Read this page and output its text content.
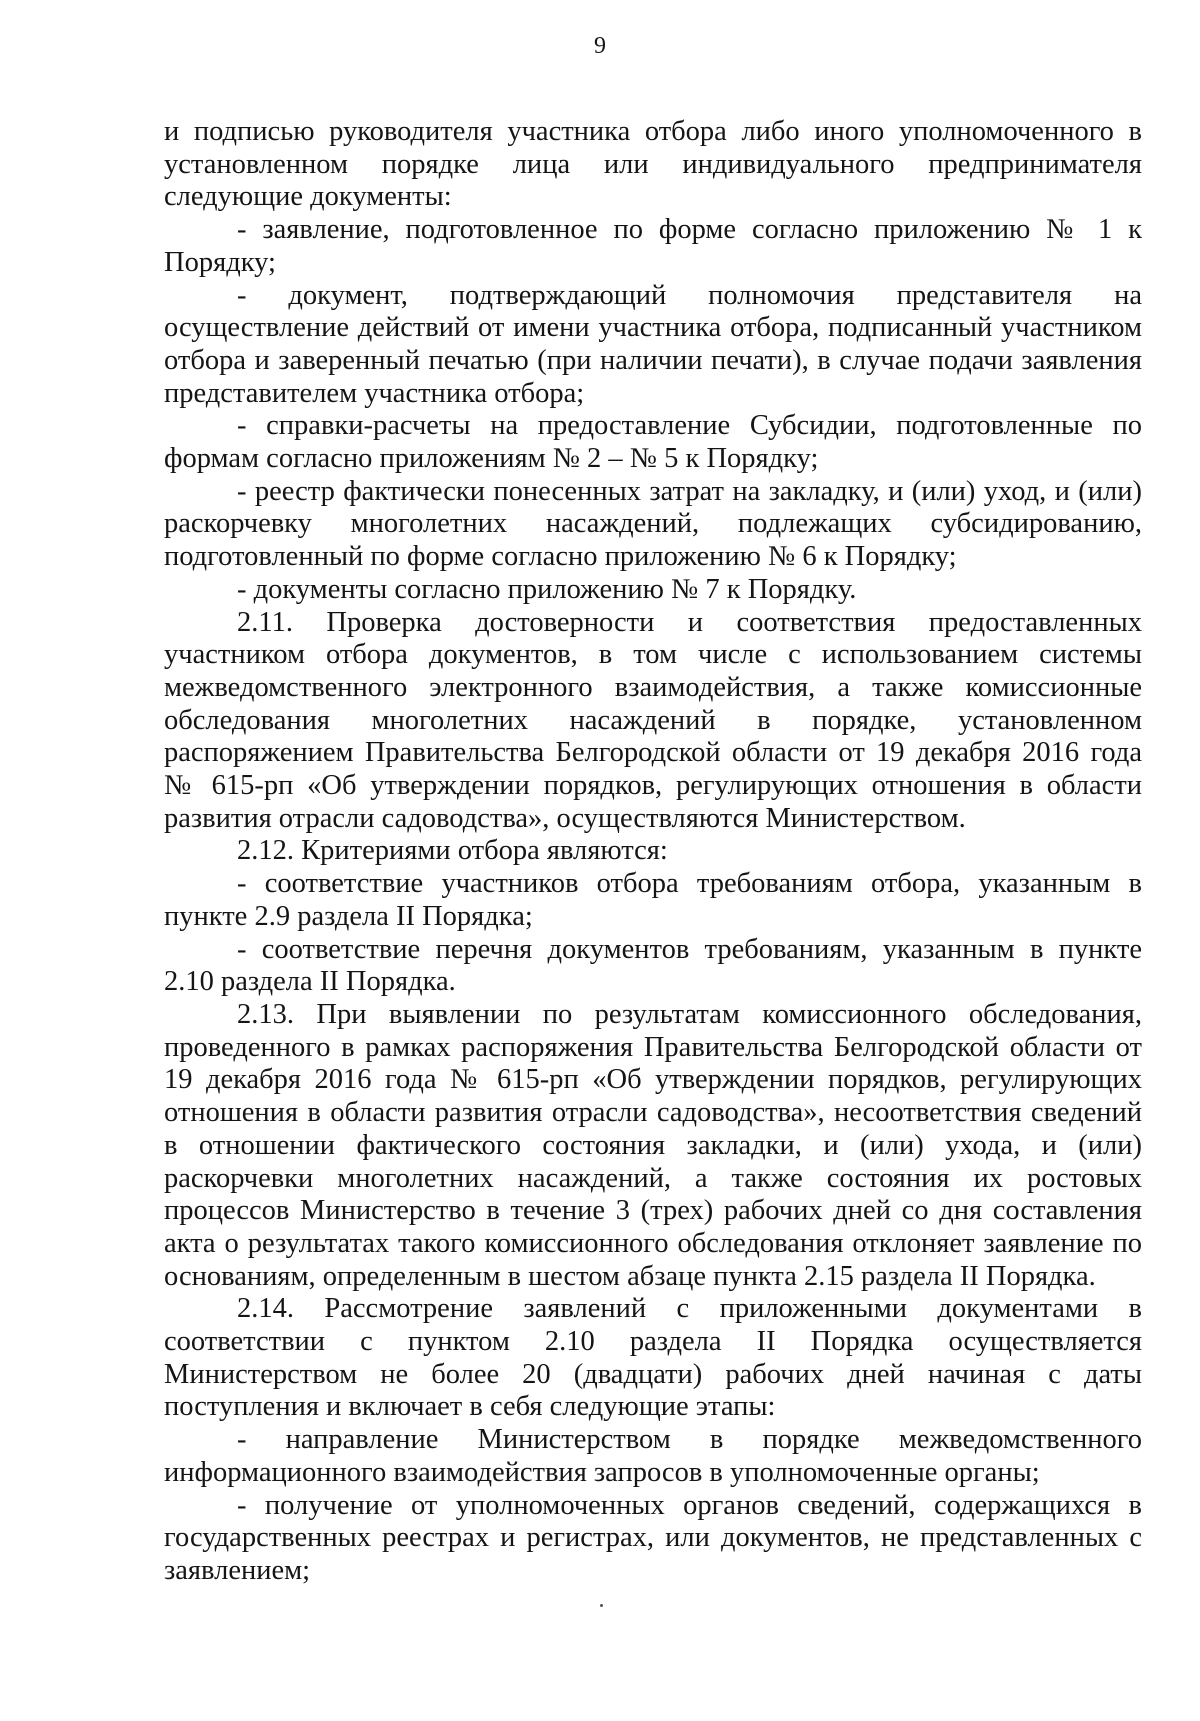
9

и подписью руководителя участника отбора либо иного уполномоченного в установленном порядке лица или индивидуального предпринимателя следующие документы:

- заявление, подготовленное по форме согласно приложению № 1 к Порядку;

- документ, подтверждающий полномочия представителя на осуществление действий от имени участника отбора, подписанный участником отбора и заверенный печатью (при наличии печати), в случае подачи заявления представителем участника отбора;

- справки-расчеты на предоставление Субсидии, подготовленные по формам согласно приложениям № 2 – № 5 к Порядку;

- реестр фактически понесенных затрат на закладку, и (или) уход, и (или) раскорчевку многолетних насаждений, подлежащих субсидированию, подготовленный по форме согласно приложению № 6 к Порядку;

- документы согласно приложению № 7 к Порядку.

2.11. Проверка достоверности и соответствия предоставленных участником отбора документов, в том числе с использованием системы межведомственного электронного взаимодействия, а также комиссионные обследования многолетних насаждений в порядке, установленном распоряжением Правительства Белгородской области от 19 декабря 2016 года № 615-рп «Об утверждении порядков, регулирующих отношения в области развития отрасли садоводства», осуществляются Министерством.

2.12. Критериями отбора являются:

- соответствие участников отбора требованиям отбора, указанным в пункте 2.9 раздела II Порядка;

- соответствие перечня документов требованиям, указанным в пункте 2.10 раздела II Порядка.

2.13. При выявлении по результатам комиссионного обследования, проведенного в рамках распоряжения Правительства Белгородской области от 19 декабря 2016 года № 615-рп «Об утверждении порядков, регулирующих отношения в области развития отрасли садоводства», несоответствия сведений в отношении фактического состояния закладки, и (или) ухода, и (или) раскорчевки многолетних насаждений, а также состояния их ростовых процессов Министерство в течение 3 (трех) рабочих дней со дня составления акта о результатах такого комиссионного обследования отклоняет заявление по основаниям, определенным в шестом абзаце пункта 2.15 раздела II Порядка.

2.14. Рассмотрение заявлений с приложенными документами в соответствии с пунктом 2.10 раздела II Порядка осуществляется Министерством не более 20 (двадцати) рабочих дней начиная с даты поступления и включает в себя следующие этапы:

- направление Министерством в порядке межведомственного информационного взаимодействия запросов в уполномоченные органы;

- получение от уполномоченных органов сведений, содержащихся в государственных реестрах и регистрах, или документов, не представленных с заявлением;
